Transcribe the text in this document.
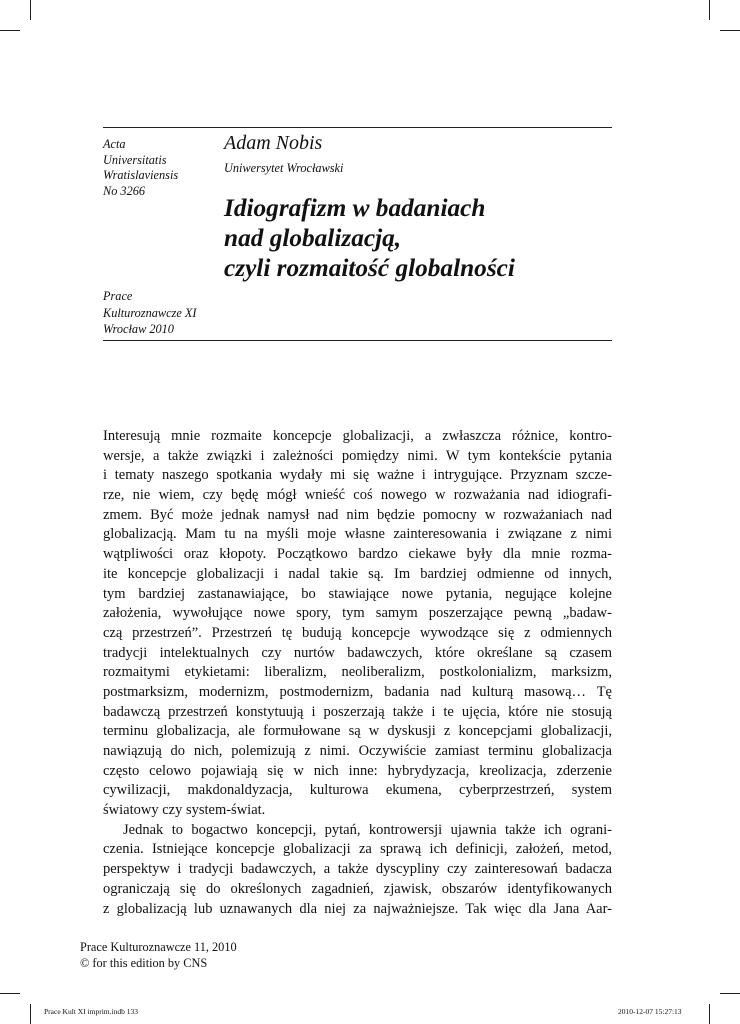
Acta
Universitatis
Wratislaviensis
No 3266
Adam Nobis
Uniwersytet Wrocławski
Idiografizm w badaniach
nad globalizacją,
czyli rozmaitość globalności
Prace
Kulturoznawcze XI
Wrocław 2010
Interesują mnie rozmaite koncepcje globalizacji, a zwłaszcza różnice, kontro-
wersje, a także związki i zależności pomiędzy nimi. W tym kontekście pytania
i tematy naszego spotkania wydały mi się ważne i intrygujące. Przyznam szcze-
rze, nie wiem, czy będę mógł wnieść coś nowego w rozważania nad idiografi-
zmem. Być może jednak namysł nad nim będzie pomocny w rozważaniach nad
globalizacją. Mam tu na myśli moje własne zainteresowania i związane z nimi
wątpliwości oraz kłopoty. Początkowo bardzo ciekawe były dla mnie rozma-
ite koncepcje globalizacji i nadal takie są. Im bardziej odmienne od innych,
tym bardziej zastanawiające, bo stawiające nowe pytania, negujące kolejne
założenia, wywołujące nowe spory, tym samym poszerzające pewną „badaw-
czą przestrzeń”. Przestrzeń tę budują koncepcje wywodzące się z odmiennych
tradycji intelektualnych czy nurtów badawczych, które określane są czasem
rozmaitymi etykietami: liberalizm, neoliberalizm, postkolonializm, marksizm,
postmarksizm, modernizm, postmodernizm, badania nad kulturą masową… Tę
badawczą przestrzeń konstytuują i poszerzają także i te ujęcia, które nie stosują
terminu globalizacja, ale formułowane są w dyskusji z koncepcjami globalizacji,
nawiązują do nich, polemizują z nimi. Oczywiście zamiast terminu globalizacja
często celowo pojawiają się w nich inne: hybrydyzacja, kreolizacja, zderzenie
cywilizacji, makdonaldyzacja, kulturowa ekumena, cyberprzestrzeń, system
światowy czy system-świat.
Jednak to bogactwo koncepcji, pytań, kontrowersji ujawnia także ich ograni-
czenia. Istniejące koncepcje globalizacji za sprawą ich definicji, założeń, metod,
perspektyw i tradycji badawczych, a także dyscypliny czy zainteresowań badacza
ograniczają się do określonych zagadnień, zjawisk, obszarów identyfikowanych
z globalizacją lub uznawanych dla niej za najważniejsze. Tak więc dla Jana Aar-
Prace Kulturoznawcze 11, 2010
© for this edition by CNS
Prace Kult XI imprim.indb 133	2010-12-07 15:27:13
